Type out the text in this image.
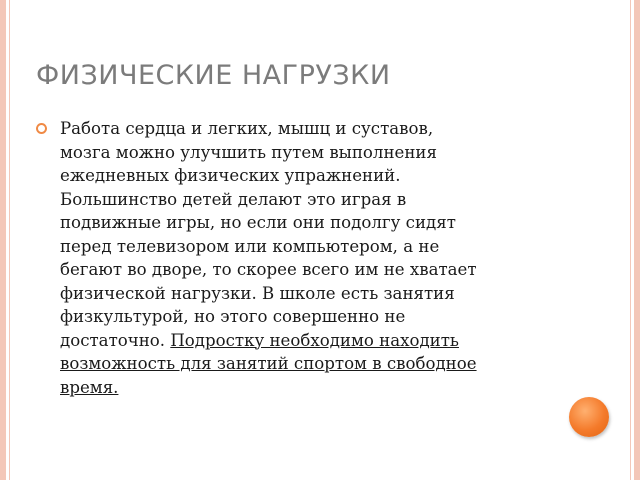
ФИЗИЧЕСКИЕ НАГРУЗКИ
Работа сердца и легких, мышц и суставов,
мозга можно улучшить путем выполнения
ежедневных физических упражнений.
Большинство детей делают это играя в
подвижные игры, но если они подолгу сидят
перед телевизором или компьютером, а не
бегают во дворе, то скорее всего им не хватает
физической нагрузки. В школе есть занятия
физкультурой, но этого совершенно не
достаточно. Подростку необходимо находить
возможность для занятий спортом в свободное
время.
